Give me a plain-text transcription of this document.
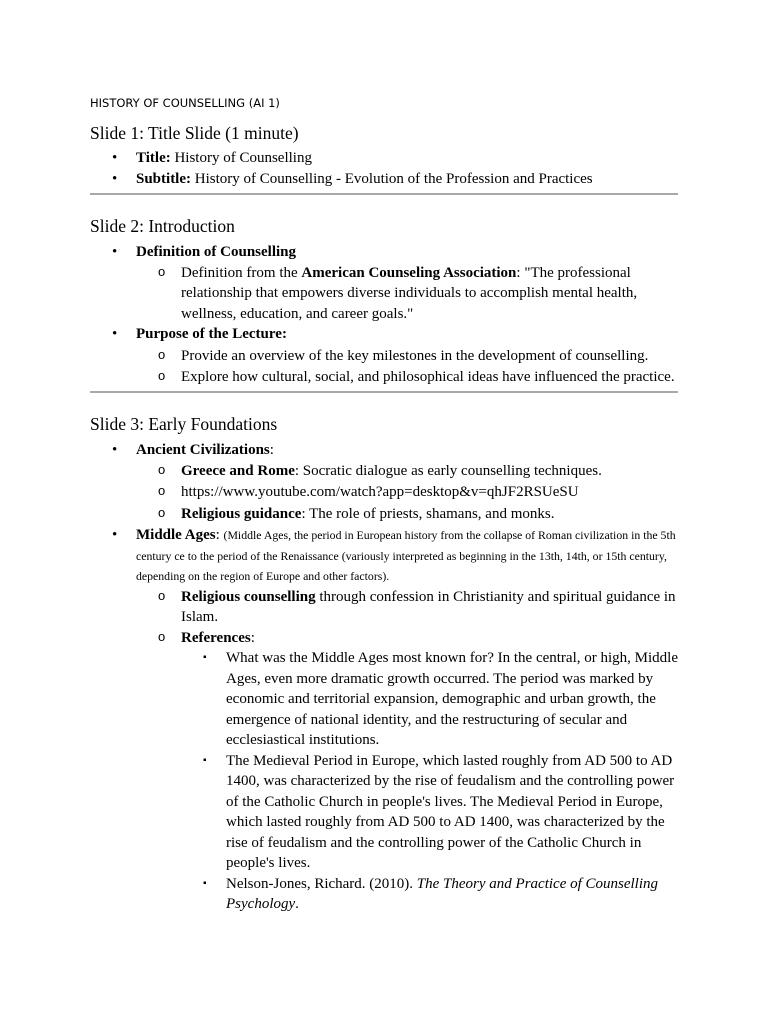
HISTORY OF COUNSELLING (AI 1)
Slide 1: Title Slide (1 minute)
• Title: History of Counselling
• Subtitle: History of Counselling - Evolution of the Profession and Practices
Slide 2: Introduction
• Definition of Counselling
o Definition from the American Counseling Association: "The professional relationship that empowers diverse individuals to accomplish mental health, wellness, education, and career goals."
• Purpose of the Lecture:
o Provide an overview of the key milestones in the development of counselling.
o Explore how cultural, social, and philosophical ideas have influenced the practice.
Slide 3: Early Foundations
• Ancient Civilizations:
o Greece and Rome: Socratic dialogue as early counselling techniques.
o https://www.youtube.com/watch?app=desktop&v=qhJF2RSUeSU
o Religious guidance: The role of priests, shamans, and monks.
• Middle Ages: (Middle Ages, the period in European history from the collapse of Roman civilization in the 5th century ce to the period of the Renaissance (variously interpreted as beginning in the 13th, 14th, or 15th century, depending on the region of Europe and other factors).
o Religious counselling through confession in Christianity and spiritual guidance in Islam.
o References:
▪ What was the Middle Ages most known for? In the central, or high, Middle Ages, even more dramatic growth occurred. The period was marked by economic and territorial expansion, demographic and urban growth, the emergence of national identity, and the restructuring of secular and ecclesiastical institutions.
▪ The Medieval Period in Europe, which lasted roughly from AD 500 to AD 1400, was characterized by the rise of feudalism and the controlling power of the Catholic Church in people's lives. The Medieval Period in Europe, which lasted roughly from AD 500 to AD 1400, was characterized by the rise of feudalism and the controlling power of the Catholic Church in people's lives.
▪ Nelson-Jones, Richard. (2010). The Theory and Practice of Counselling Psychology.
